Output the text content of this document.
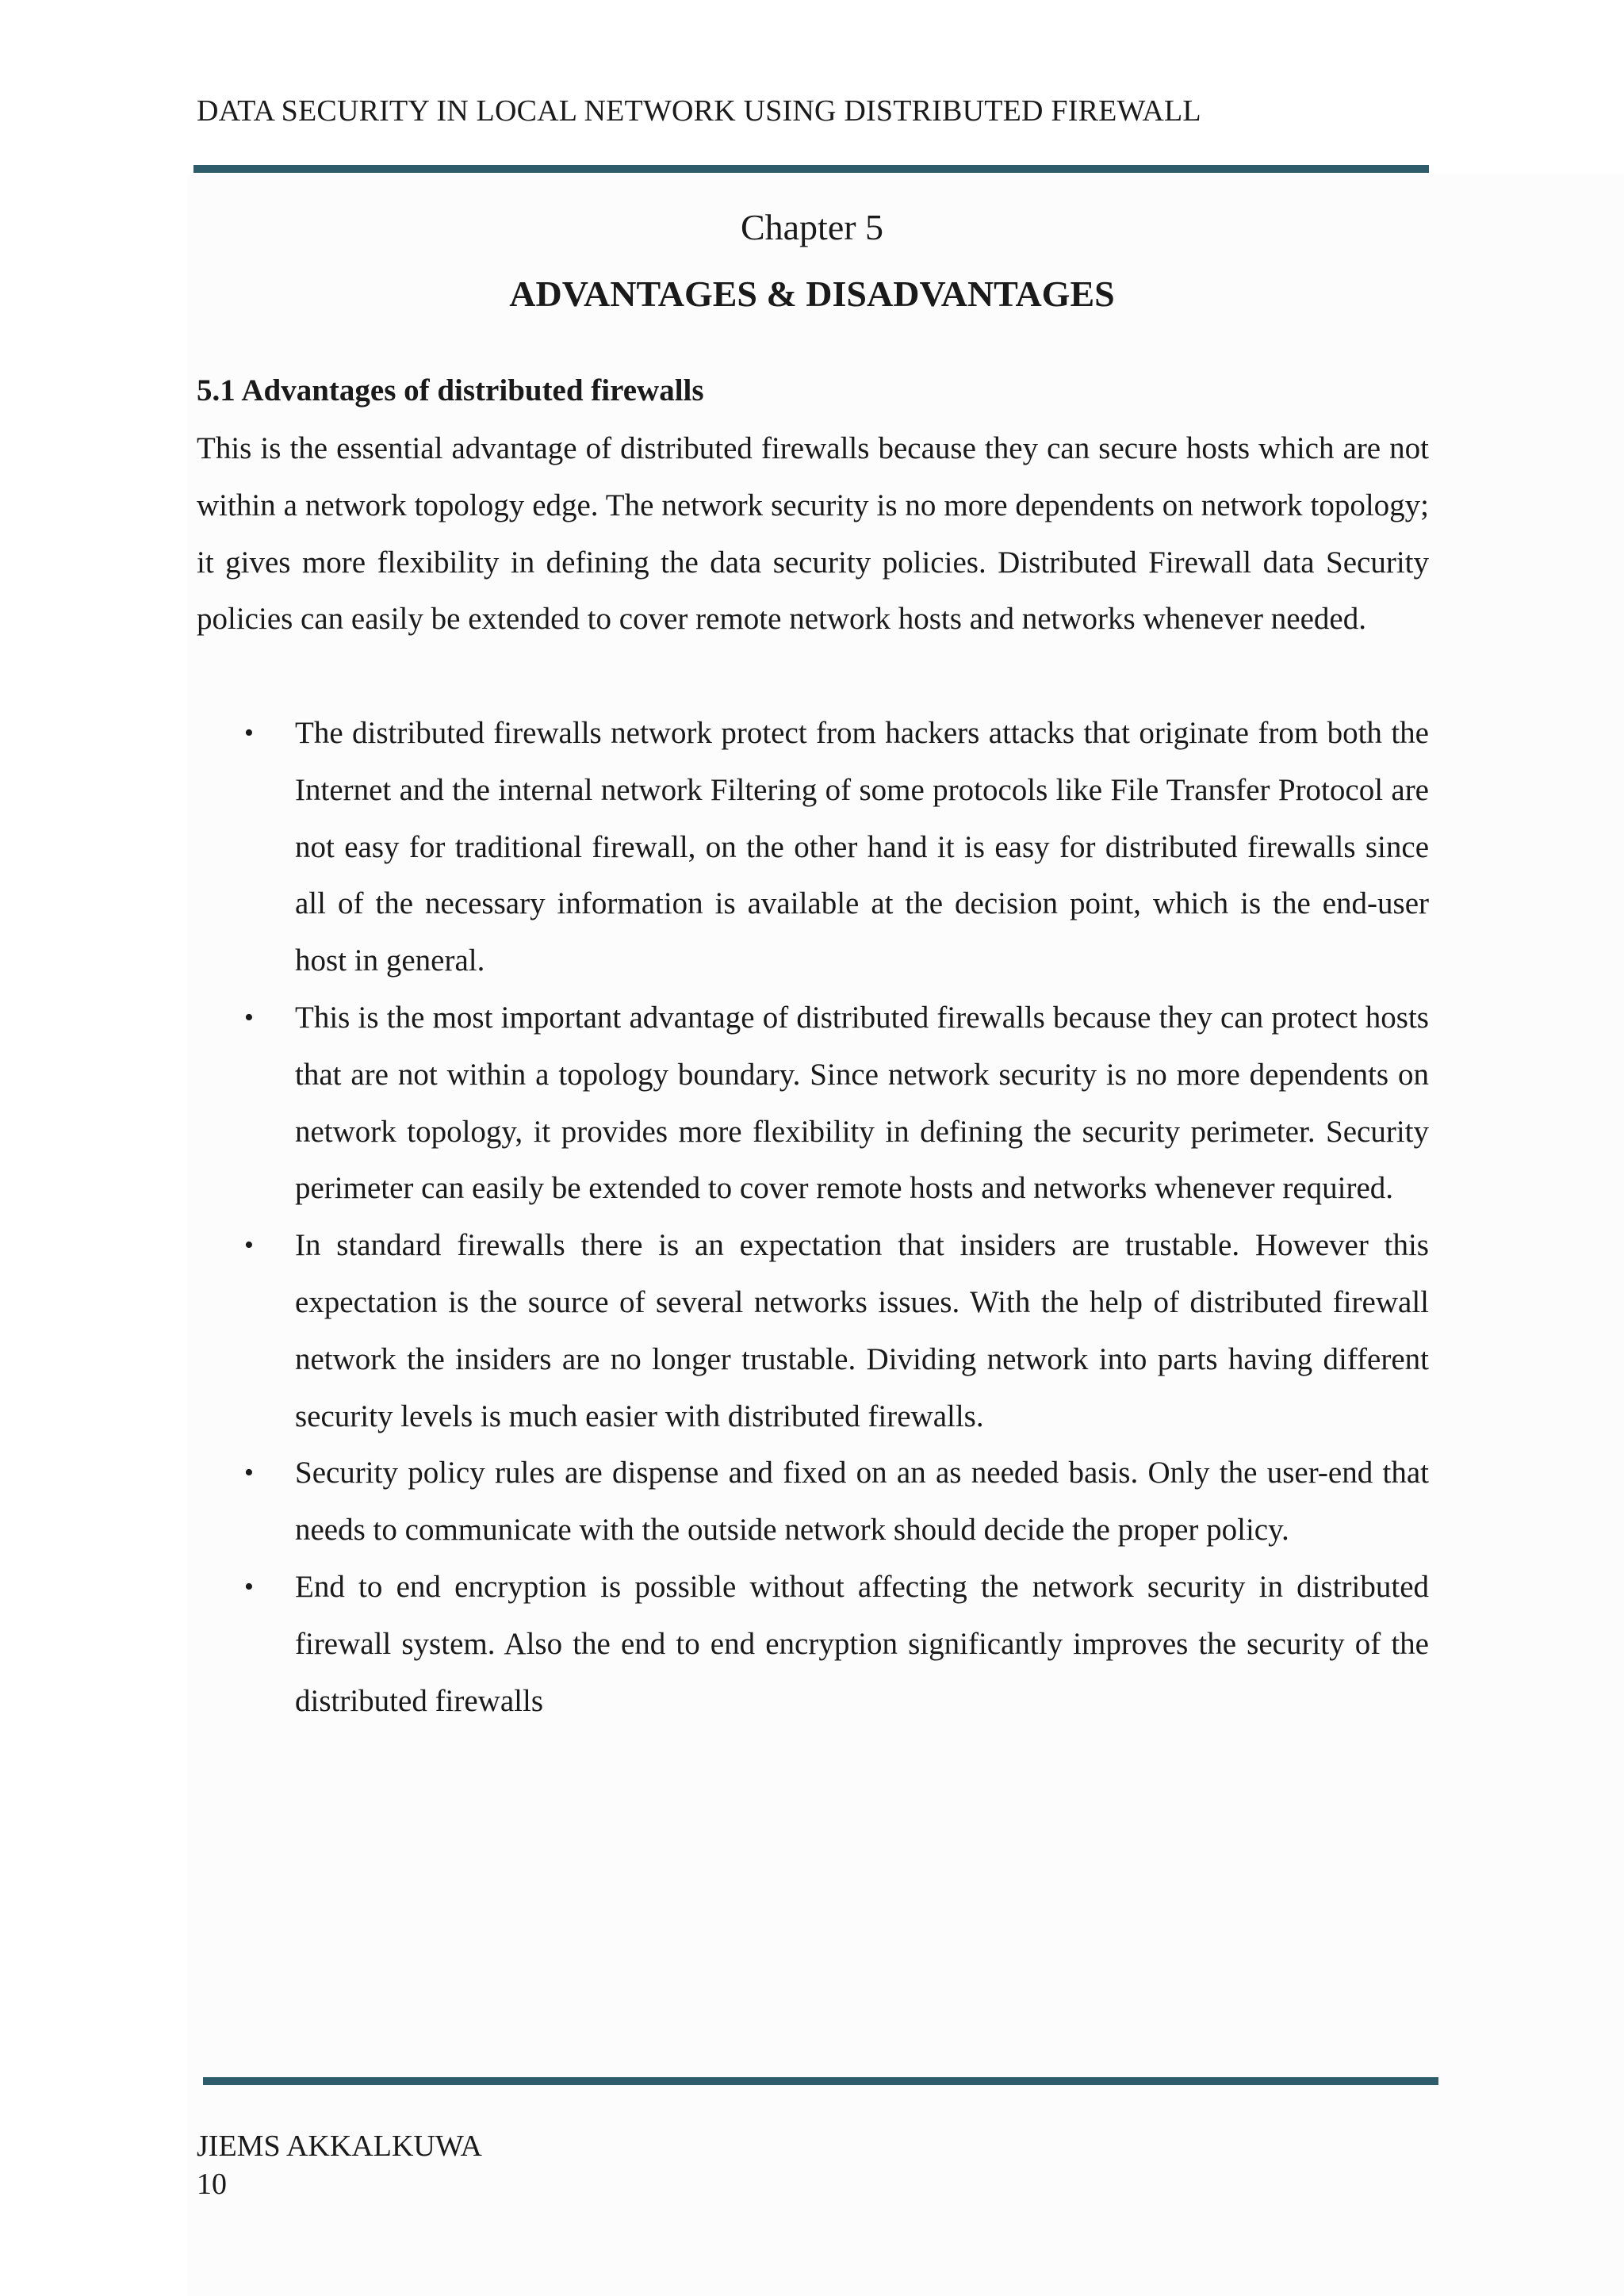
DATA SECURITY IN LOCAL NETWORK USING DISTRIBUTED FIREWALL
Chapter 5
ADVANTAGES & DISADVANTAGES
5.1 Advantages of distributed firewalls

This is the essential advantage of distributed firewalls because they can secure hosts which are not within a network topology edge. The network security is no more dependents on network topology; it gives more flexibility in defining the data security policies. Distributed Firewall data Security policies can easily be extended to cover remote network hosts and networks whenever needed.

• The distributed firewalls network protect from hackers attacks that originate from both the Internet and the internal network Filtering of some protocols like File Transfer Protocol are not easy for traditional firewall, on the other hand it is easy for distributed firewalls since all of the necessary information is available at the decision point, which is the end-user host in general.
• This is the most important advantage of distributed firewalls because they can protect hosts that are not within a topology boundary. Since network security is no more dependents on network topology, it provides more flexibility in defining the security perimeter. Security perimeter can easily be extended to cover remote hosts and networks whenever required.
• In standard firewalls there is an expectation that insiders are trustable. However this expectation is the source of several networks issues. With the help of distributed firewall network the insiders are no longer trustable. Dividing network into parts having different security levels is much easier with distributed firewalls.
• Security policy rules are dispense and fixed on an as needed basis. Only the user-end that needs to communicate with the outside network should decide the proper policy.
• End to end encryption is possible without affecting the network security in distributed firewall system. Also the end to end encryption significantly improves the security of the distributed firewalls
JIEMS AKKALKUWA
10
